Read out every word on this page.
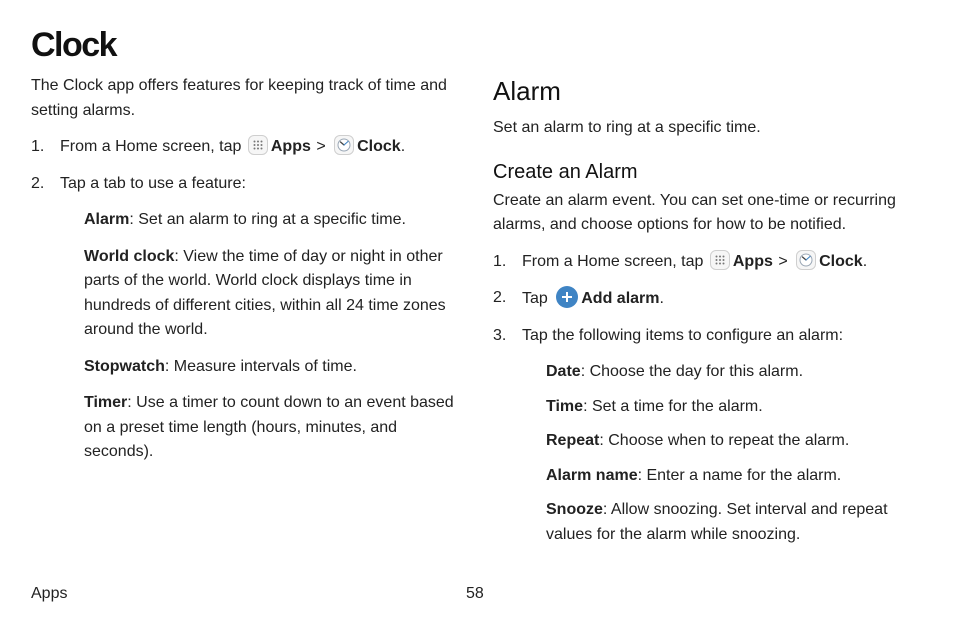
Clock

The Clock app offers features for keeping track of time and setting alarms.

1. From a Home screen, tap Apps > Clock.
2. Tap a tab to use a feature:

Alarm: Set an alarm to ring at a specific time.

World clock: View the time of day or night in other parts of the world. World clock displays time in hundreds of different cities, within all 24 time zones around the world.

Stopwatch: Measure intervals of time.

Timer: Use a timer to count down to an event based on a preset time length (hours, minutes, and seconds).

Alarm

Set an alarm to ring at a specific time.

Create an Alarm

Create an alarm event. You can set one-time or recurring alarms, and choose options for how to be notified.

1. From a Home screen, tap Apps > Clock.
2. Tap Add alarm.
3. Tap the following items to configure an alarm:

Date: Choose the day for this alarm.

Time: Set a time for the alarm.

Repeat: Choose when to repeat the alarm.

Alarm name: Enter a name for the alarm.

Snooze: Allow snoozing. Set interval and repeat values for the alarm while snoozing.

Apps	58
